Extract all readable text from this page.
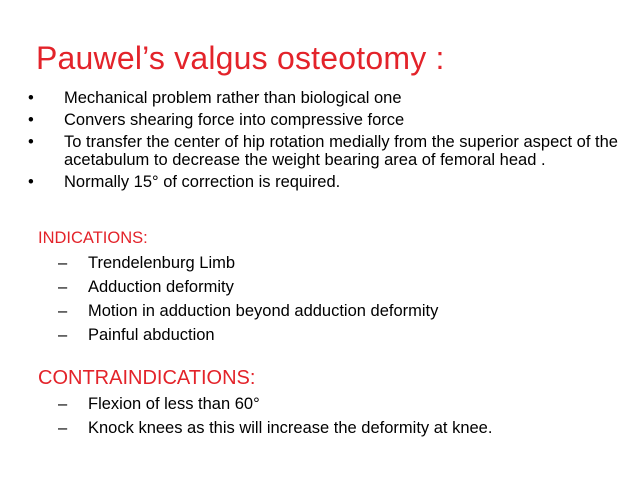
Pauwel’s valgus osteotomy :
• Mechanical problem rather than biological one
• Convers shearing force into compressive force
• To transfer the center of hip rotation medially from the superior aspect of the acetabulum to decrease the weight bearing area of femoral head .
• Normally 15° of correction is required.
INDICATIONS:
– Trendelenburg Limb
– Adduction deformity
– Motion in adduction beyond adduction deformity
– Painful abduction
CONTRAINDICATIONS:
– Flexion of less than 60°
– Knock knees as this will increase the deformity at knee.
